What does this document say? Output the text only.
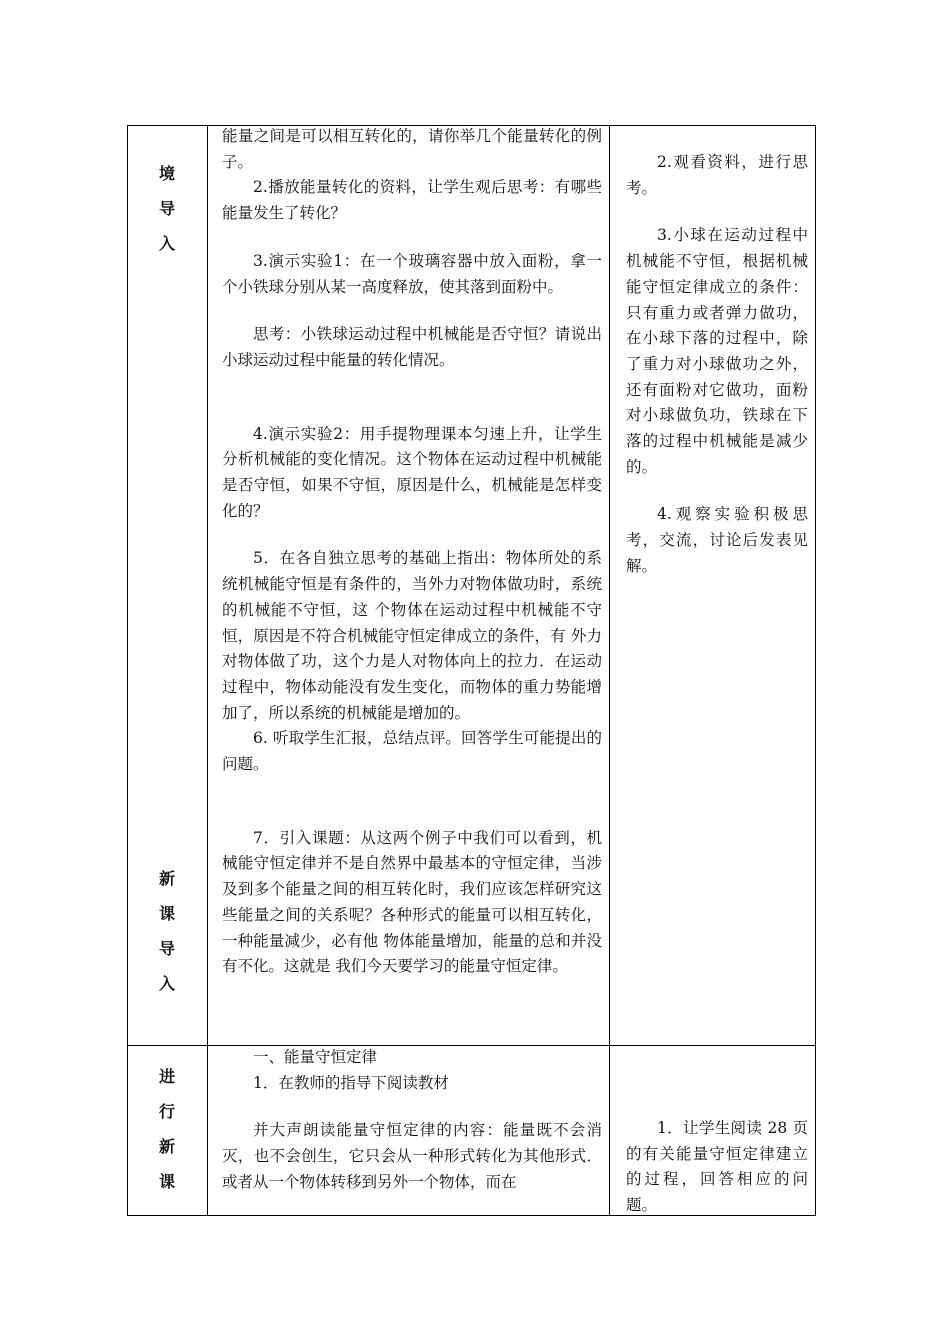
境
导
入
新
课
导
入
进
行
新
课

能量之间是可以相互转化的，请你举几个能量转化的例子。

2.播放能量转化的资料，让学生观后思考：有哪些能量发生了转化？

3.演示实验1：在一个玻璃容器中放入面粉，拿一个小铁球分别从某一高度释放，使其落到面粉中。

思考：小铁球运动过程中机械能是否守恒？请说出小球运动过程中能量的转化情况。

4.演示实验2：用手提物理课本匀速上升，让学生分析机械能的变化情况。这个物体在运动过程中机械能是否守恒，如果不守恒，原因是什么，机械能是怎样变化的？

5．在各自独立思考的基础上指出：物体所处的系统机械能守恒是有条件的，当外力对物体做功时，系统的机械能不守恒，这 个物体在运动过程中机械能不守恒，原因是不符合机械能守恒定律成立的条件，有 外力对物体做了功，这个力是人对物体向上的拉力．在运动过程中，物体动能没有发生变化，而物体的重力势能增加了，所以系统的机械能是增加的。

6. 听取学生汇报，总结点评。回答学生可能提出的问题。

7．引入课题：从这两个例子中我们可以看到，机械能守恒定律并不是自然界中最基本的守恒定律，当涉及到多个能量之间的相互转化时，我们应该怎样研究这些能量之间的关系呢？各种形式的能量可以相互转化，一种能量减少，必有他 物体能量增加，能量的总和并没有不化。这就是 我们今天要学习的能量守恒定律。

一、能量守恒定律

1．在教师的指导下阅读教材

并大声朗读能量守恒定律的内容：能量既不会消灭，也不会创生，它只会从一种形式转化为其他形式．或者从一个物体转移到另外一个物体，而在

2.观看资料，进行思考。

3.小球在运动过程中机械能不守恒，根据机械能守恒定律成立的条件：只有重力或者弹力做功，在小球下落的过程中，除了重力对小球做功之外，还有面粉对它做功，面粉对小球做负功，铁球在下落的过程中机械能是减少的。

4.观察实验积极思考，交流，讨论后发表见解。

1．让学生阅读 28 页的有关能量守恒定律建立的过程，回答相应的问题。
